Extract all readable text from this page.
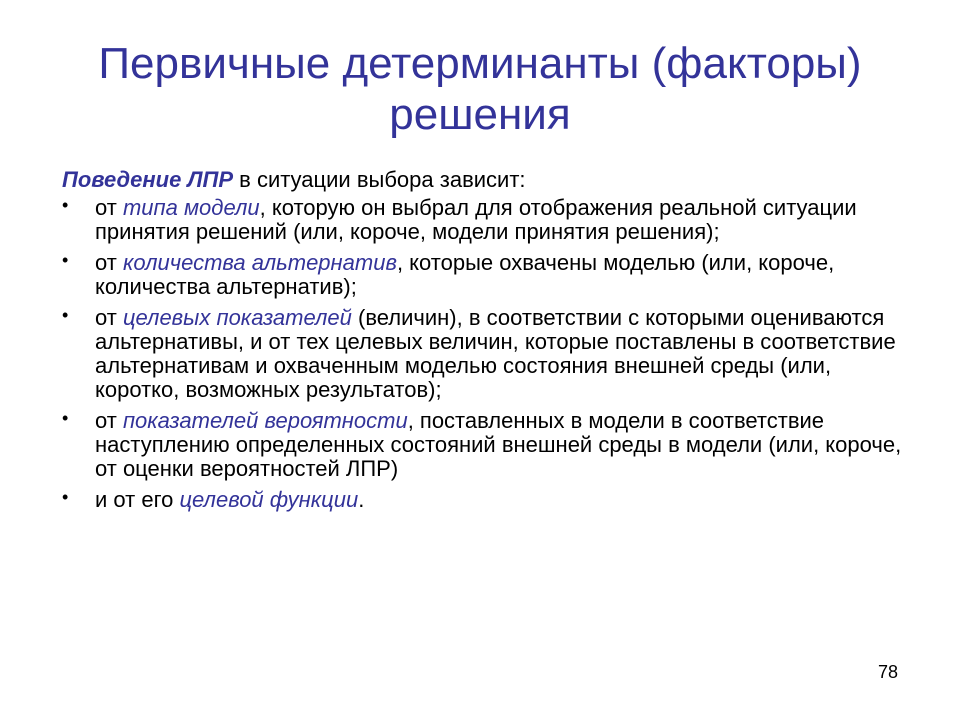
Первичные детерминанты (факторы) решения

Поведение ЛПР в ситуации выбора зависит:

• от типа модели, которую он выбрал для отображения реальной ситуации принятия решений (или, короче, модели принятия решения);
• от количества альтернатив, которые охвачены моделью (или, короче, количества альтернатив);
• от целевых показателей (величин), в соответствии с которыми оцениваются альтернативы, и от тех целевых величин, которые поставлены в соответствие альтернативам и охваченным моделью состояния внешней среды (или, коротко, возможных результатов);
• от показателей вероятности, поставленных в модели в соответствие наступлению определенных состояний внешней среды в модели (или, короче, от оценки вероятностей ЛПР)
• и от его целевой функции.
78
